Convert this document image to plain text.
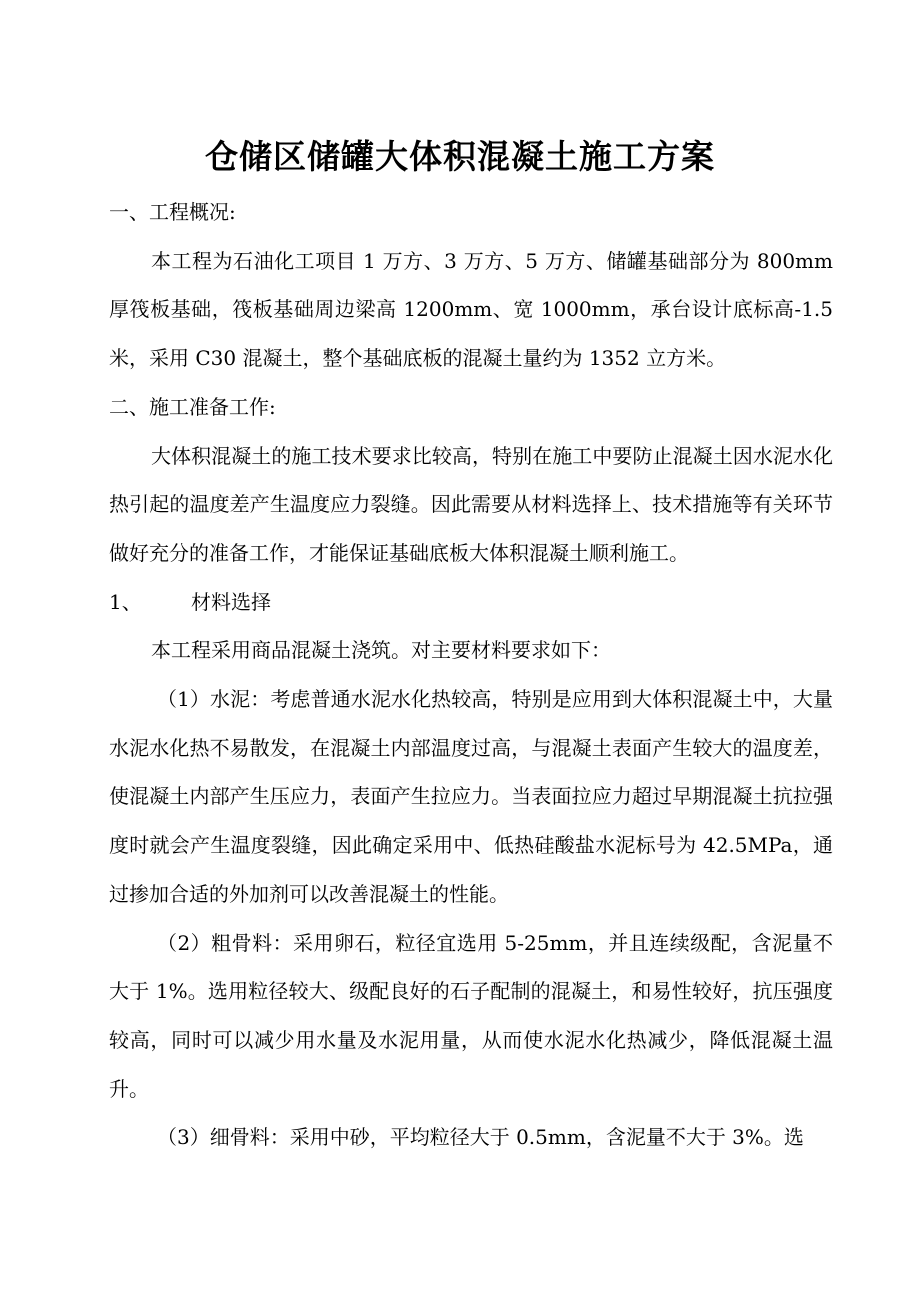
仓储区储罐大体积混凝土施工方案

一、工程概况:

本工程为石油化工项目 1 万方、3 万方、5 万方、储罐基础部分为 800mm 厚筏板基础，筏板基础周边梁高 1200mm、宽 1000mm，承台设计底标高-1.5 米，采用 C30 混凝土，整个基础底板的混凝土量约为 1352 立方米。

二、施工准备工作:

大体积混凝土的施工技术要求比较高，特别在施工中要防止混凝土因水泥水化热引起的温度差产生温度应力裂缝。因此需要从材料选择上、技术措施等有关环节做好充分的准备工作，才能保证基础底板大体积混凝土顺利施工。

1、 材料选择

本工程采用商品混凝土浇筑。对主要材料要求如下：

（1）水泥：考虑普通水泥水化热较高，特别是应用到大体积混凝土中，大量水泥水化热不易散发，在混凝土内部温度过高，与混凝土表面产生较大的温度差，使混凝土内部产生压应力，表面产生拉应力。当表面拉应力超过早期混凝土抗拉强度时就会产生温度裂缝，因此确定采用中、低热硅酸盐水泥标号为 42.5MPa，通过掺加合适的外加剂可以改善混凝土的性能。

（2）粗骨料：采用卵石，粒径宜选用 5-25mm，并且连续级配，含泥量不大于 1%。选用粒径较大、级配良好的石子配制的混凝土，和易性较好，抗压强度较高，同时可以减少用水量及水泥用量，从而使水泥水化热减少，降低混凝土温升。

（3）细骨料：采用中砂，平均粒径大于 0.5mm，含泥量不大于 3%。选
